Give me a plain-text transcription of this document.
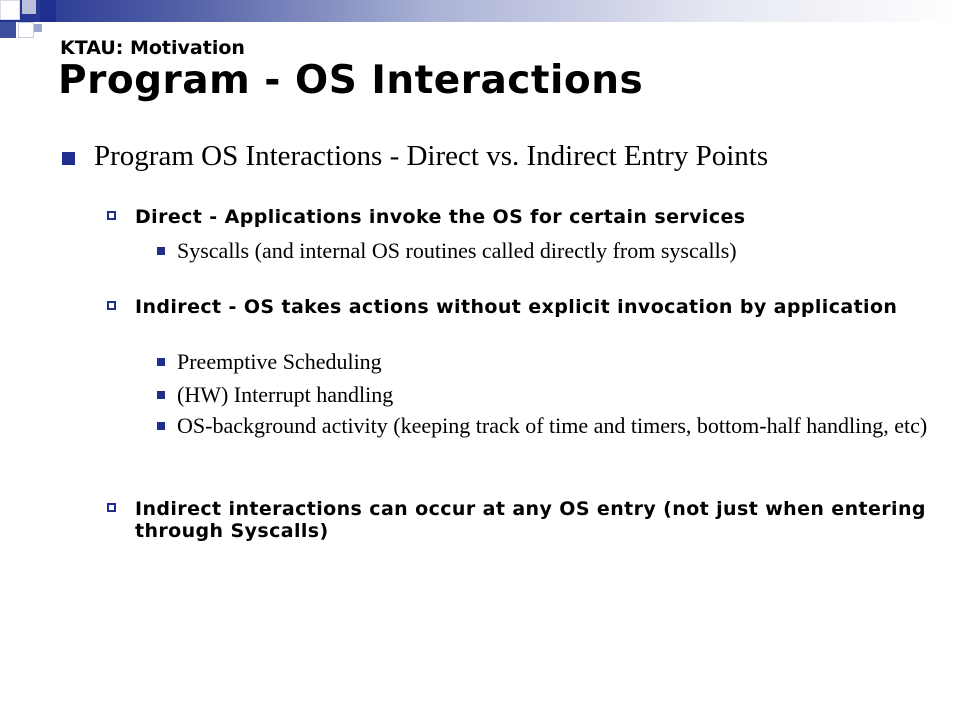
KTAU: Motivation
Program - OS Interactions
Program OS Interactions - Direct vs. Indirect Entry Points
Direct - Applications invoke the OS for certain services
Syscalls (and internal OS routines called directly from syscalls)
Indirect - OS takes actions without explicit invocation by application
Preemptive Scheduling
(HW) Interrupt handling
OS-background activity (keeping track of time and timers, bottom-half handling, etc)
Indirect interactions can occur at any OS entry (not just when entering through Syscalls)
